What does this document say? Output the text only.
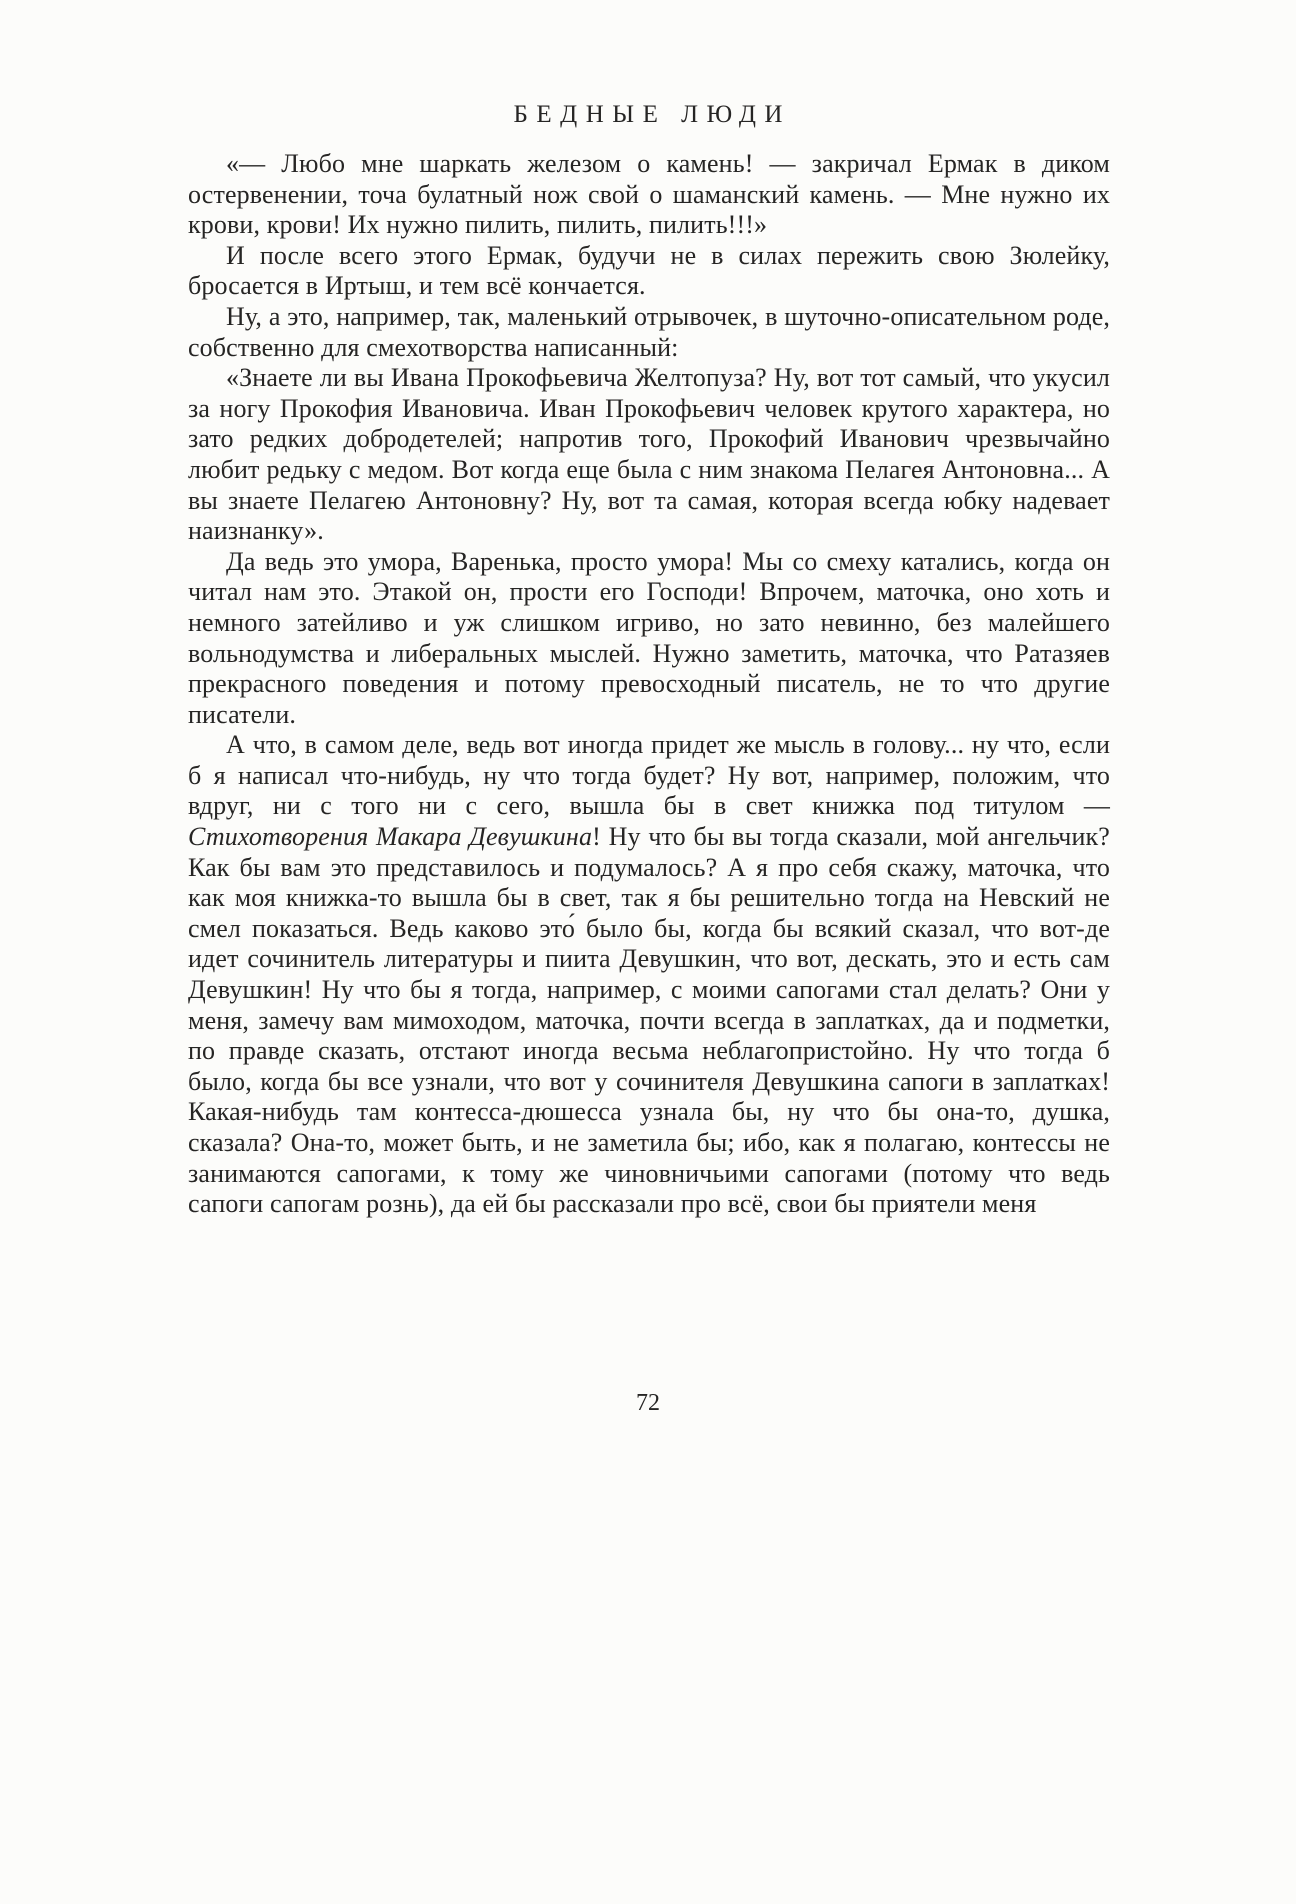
БЕДНЫЕ ЛЮДИ

«— Любо мне шаркать железом о камень! — закричал Ермак в диком остервенении, точа булатный нож свой о шаманский камень. — Мне нужно их крови, крови! Их нужно пилить, пилить, пилить!!!»

И после всего этого Ермак, будучи не в силах пережить свою Зюлейку, бросается в Иртыш, и тем всё кончается.

Ну, а это, например, так, маленький отрывочек, в шуточно-описательном роде, собственно для смехотворства написанный:

«Знаете ли вы Ивана Прокофьевича Желтопуза? Ну, вот тот самый, что укусил за ногу Прокофия Ивановича. Иван Прокофьевич человек крутого характера, но зато редких добродетелей; напротив того, Прокофий Иванович чрезвычайно любит редьку с медом. Вот когда еще была с ним знакома Пелагея Антоновна... А вы знаете Пелагею Антоновну? Ну, вот та самая, которая всегда юбку надевает наизнанку».

Да ведь это умора, Варенька, просто умора! Мы со смеху катались, когда он читал нам это. Этакой он, прости его Господи! Впрочем, маточка, оно хоть и немного затейливо и уж слишком игриво, но зато невинно, без малейшего вольнодумства и либеральных мыслей. Нужно заметить, маточка, что Ратазяев прекрасного поведения и потому превосходный писатель, не то что другие писатели.

А что, в самом деле, ведь вот иногда придет же мысль в голову... ну что, если б я написал что-нибудь, ну что тогда будет? Ну вот, например, положим, что вдруг, ни с того ни с сего, вышла бы в свет книжка под титулом — Стихотворения Макара Девушкина! Ну что бы вы тогда сказали, мой ангельчик? Как бы вам это представилось и подумалось? А я про себя скажу, маточка, что как моя книжка-то вышла бы в свет, так я бы решительно тогда на Невский не смел показаться. Ведь каково это́ было бы, когда бы всякий сказал, что вот-де идет сочинитель литературы и пиита Девушкин, что вот, дескать, это и есть сам Девушкин! Ну что бы я тогда, например, с моими сапогами стал делать? Они у меня, замечу вам мимоходом, маточка, почти всегда в заплатках, да и подметки, по правде сказать, отстают иногда весьма неблагопристойно. Ну что тогда б было, когда бы все узнали, что вот у сочинителя Девушкина сапоги в заплатках! Какая-нибудь там контесса-дюшесса узнала бы, ну что бы она-то, душка, сказала? Она-то, может быть, и не заметила бы; ибо, как я полагаю, контессы не занимаются сапогами, к тому же чиновничьими сапогами (потому что ведь сапоги сапогам рознь), да ей бы рассказали про всё, свои бы приятели меня

72
